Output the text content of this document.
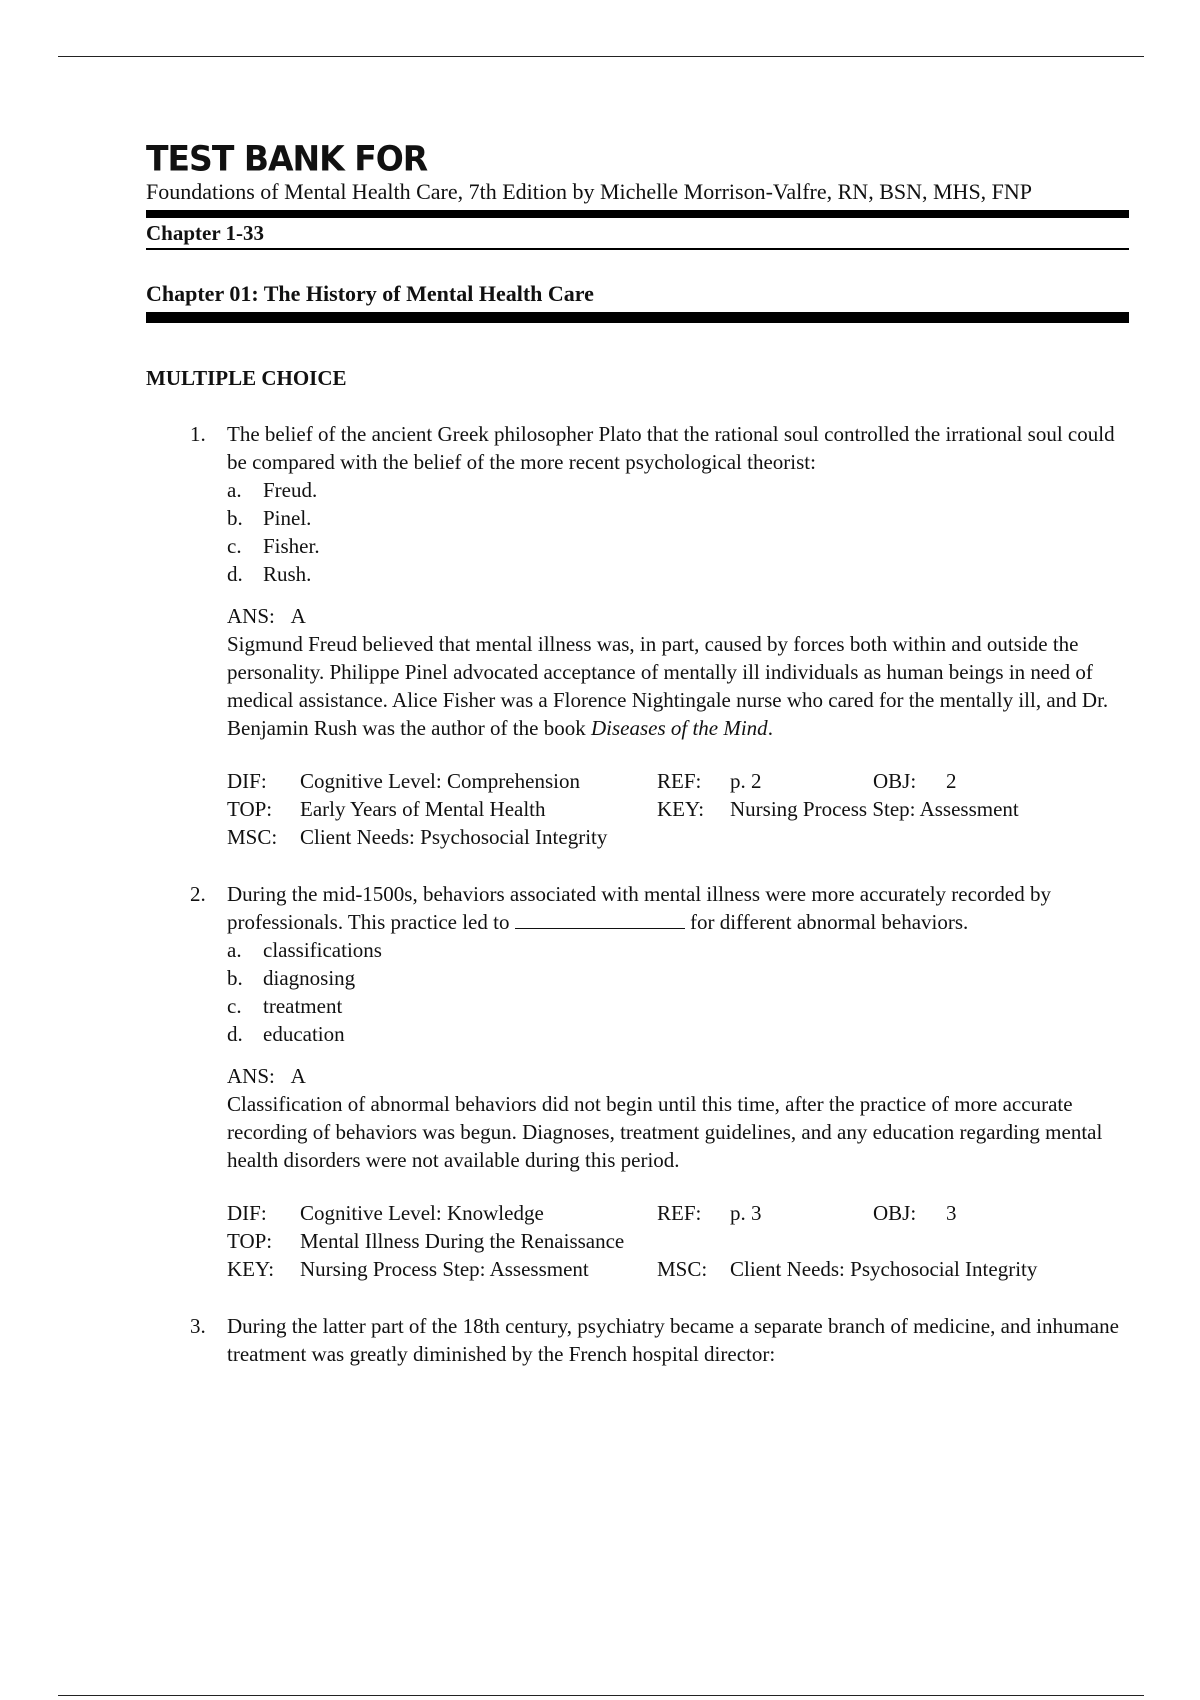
TEST BANK FOR
Foundations of Mental Health Care, 7th Edition by Michelle Morrison-Valfre, RN, BSN, MHS, FNP
Chapter 1-33
Chapter 01: The History of Mental Health Care
MULTIPLE CHOICE
1. The belief of the ancient Greek philosopher Plato that the rational soul controlled the irrational soul could be compared with the belief of the more recent psychological theorist:

a.	Freud.
b. Pinel.
c.	Fisher.
d. Rush.
ANS: A

Sigmund Freud believed that mental illness was, in part, caused by forces both within and outside the personality. Philippe Pinel advocated acceptance of mentally ill individuals as human beings in need of medical assistance. Alice Fisher was a Florence Nightingale nurse who cared for the mentally ill, and Dr. Benjamin Rush was the author of the book Diseases of the Mind.

DIF:	Cognitive Level: Comprehension	REF:	p. 2	OBJ:	2
TOP:	Early Years of Mental Health	KEY:	Nursing Process Step: Assessment
MSC:	Client Needs: Psychosocial Integrity
2. During the mid-1500s, behaviors associated with mental illness were more accurately recorded by professionals. This practice led to	for different abnormal behaviors.

a.	classifications
b. diagnosing
c.	treatment
d. education
ANS: A

Classification of abnormal behaviors did not begin until this time, after the practice of more accurate recording of behaviors was begun. Diagnoses, treatment guidelines, and any education regarding mental health disorders were not available during this period.

DIF:	Cognitive Level: Knowledge	REF:	p. 3	OBJ:	3
TOP:	Mental Illness During the Renaissance
KEY:	Nursing Process Step: Assessment	MSC:	Client Needs: Psychosocial Integrity
3. During the latter part of the 18th century, psychiatry became a separate branch of medicine, and inhumane treatment was greatly diminished by the French hospital director:
